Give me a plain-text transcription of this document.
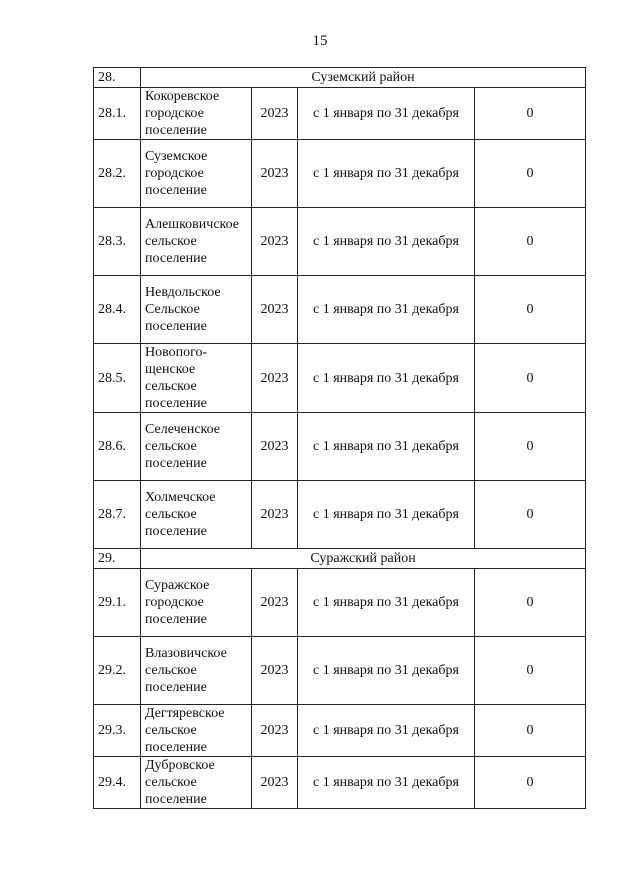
15
28.	Суземский район			
28.1.	Кокоревское
городское
поселение	2023	с 1 января по 31 декабря	0
28.2.	Суземское
городское
поселение	2023	с 1 января по 31 декабря	0
28.3.	Алешковичское
сельское
поселение	2023	с 1 января по 31 декабря	0
28.4.	Невдольское
Сельское
поселение	2023	с 1 января по 31 декабря	0
28.5.	Новопого-
щенское
сельское
поселение	2023	с 1 января по 31 декабря	0
28.6.	Селеченское
сельское
поселение	2023	с 1 января по 31 декабря	0
28.7.	Холмечское
сельское
поселение	2023	с 1 января по 31 декабря	0
29.	Суражский район			
29.1.	Суражское
городское
поселение	2023	с 1 января по 31 декабря	0
29.2.	Влазовичское
сельское
поселение	2023	с 1 января по 31 декабря	0
29.3.	Дегтяревское
сельское
поселение	2023	с 1 января по 31 декабря	0
29.4.	Дубровское
сельское
поселение	2023	с 1 января по 31 декабря	0
